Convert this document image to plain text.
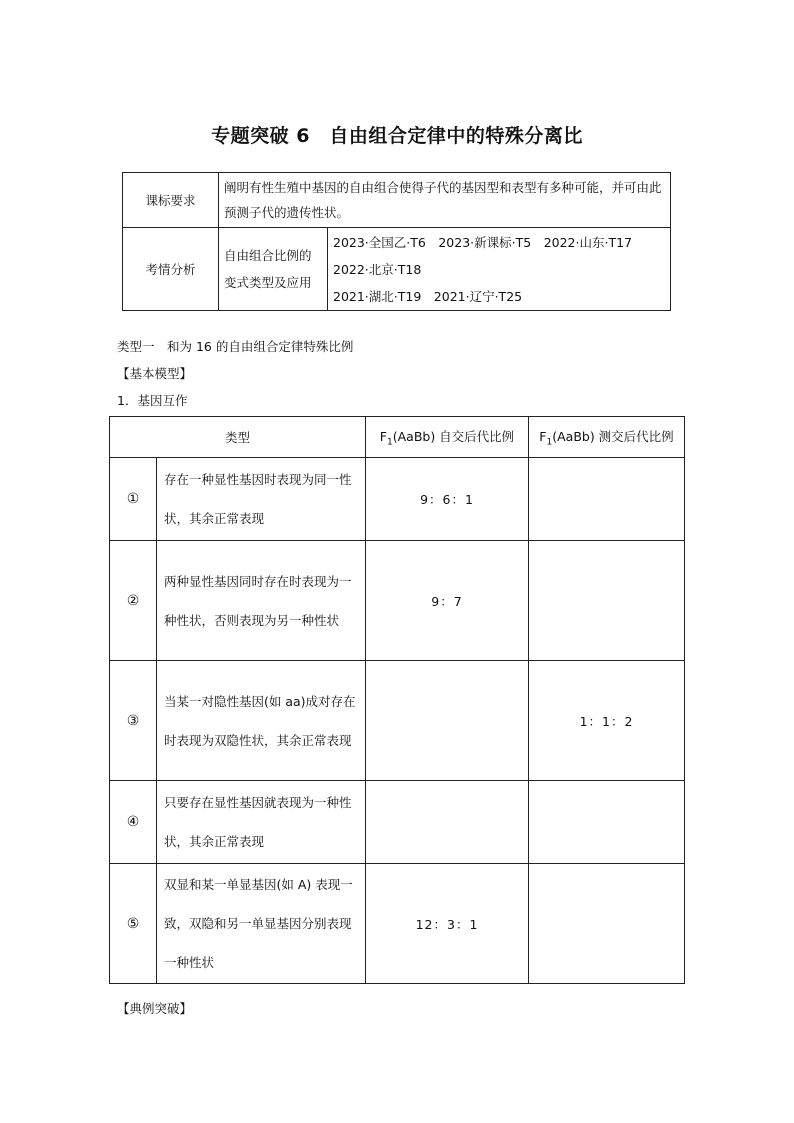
专题突破 6　自由组合定律中的特殊分离比
课标要求	阐明有性生殖中基因的自由组合使得子代的基因型和表型有多种可能，并可由此预测子代的遗传性状。	
考情分析	自由组合比例的变式类型及应用	2023·全国乙·T6　2023·新课标·T5　2022·山东·T17
2022·北京·T18
2021·湖北·T19　2021·辽宁·T25
类型一　和为 16 的自由组合定律特殊比例
【基本模型】
1．基因互作
类型		$F_1(AaBb)$ 自交后代比例	$F_1(AaBb)$ 测交后代比例
①	存在一种显性基因时表现为同一性状，其余正常表现	9：6：1	
②	两种显性基因同时存在时表现为一种性状，否则表现为另一种性状	9：7	
③	当某一对隐性基因(如 aa)成对存在时表现为双隐性状，其余正常表现		1：1：2
④	只要存在显性基因就表现为一种性状，其余正常表现		
⑤	双显和某一单显基因(如 A) 表现一致，双隐和另一单显基因分别表现一种性状	12：3：1	
【典例突破】
